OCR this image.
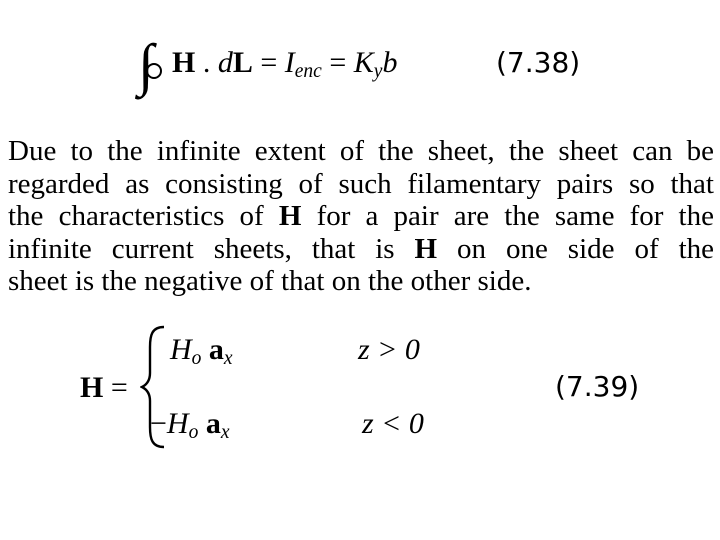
∫ H . dL = $I_{enc} = K_yb$	(7.38)
Due to the infinite extent of the sheet, the sheet can be
regarded as consisting of such filamentary pairs so that
the characteristics of H for a pair are the same for the
infinite current sheets, that is H on one side of the
sheet is the negative of that on the other side.
H =
$H_o$ $a_x$	z > 0
$-H_o$ $a_x$	z < 0
(7.39)
